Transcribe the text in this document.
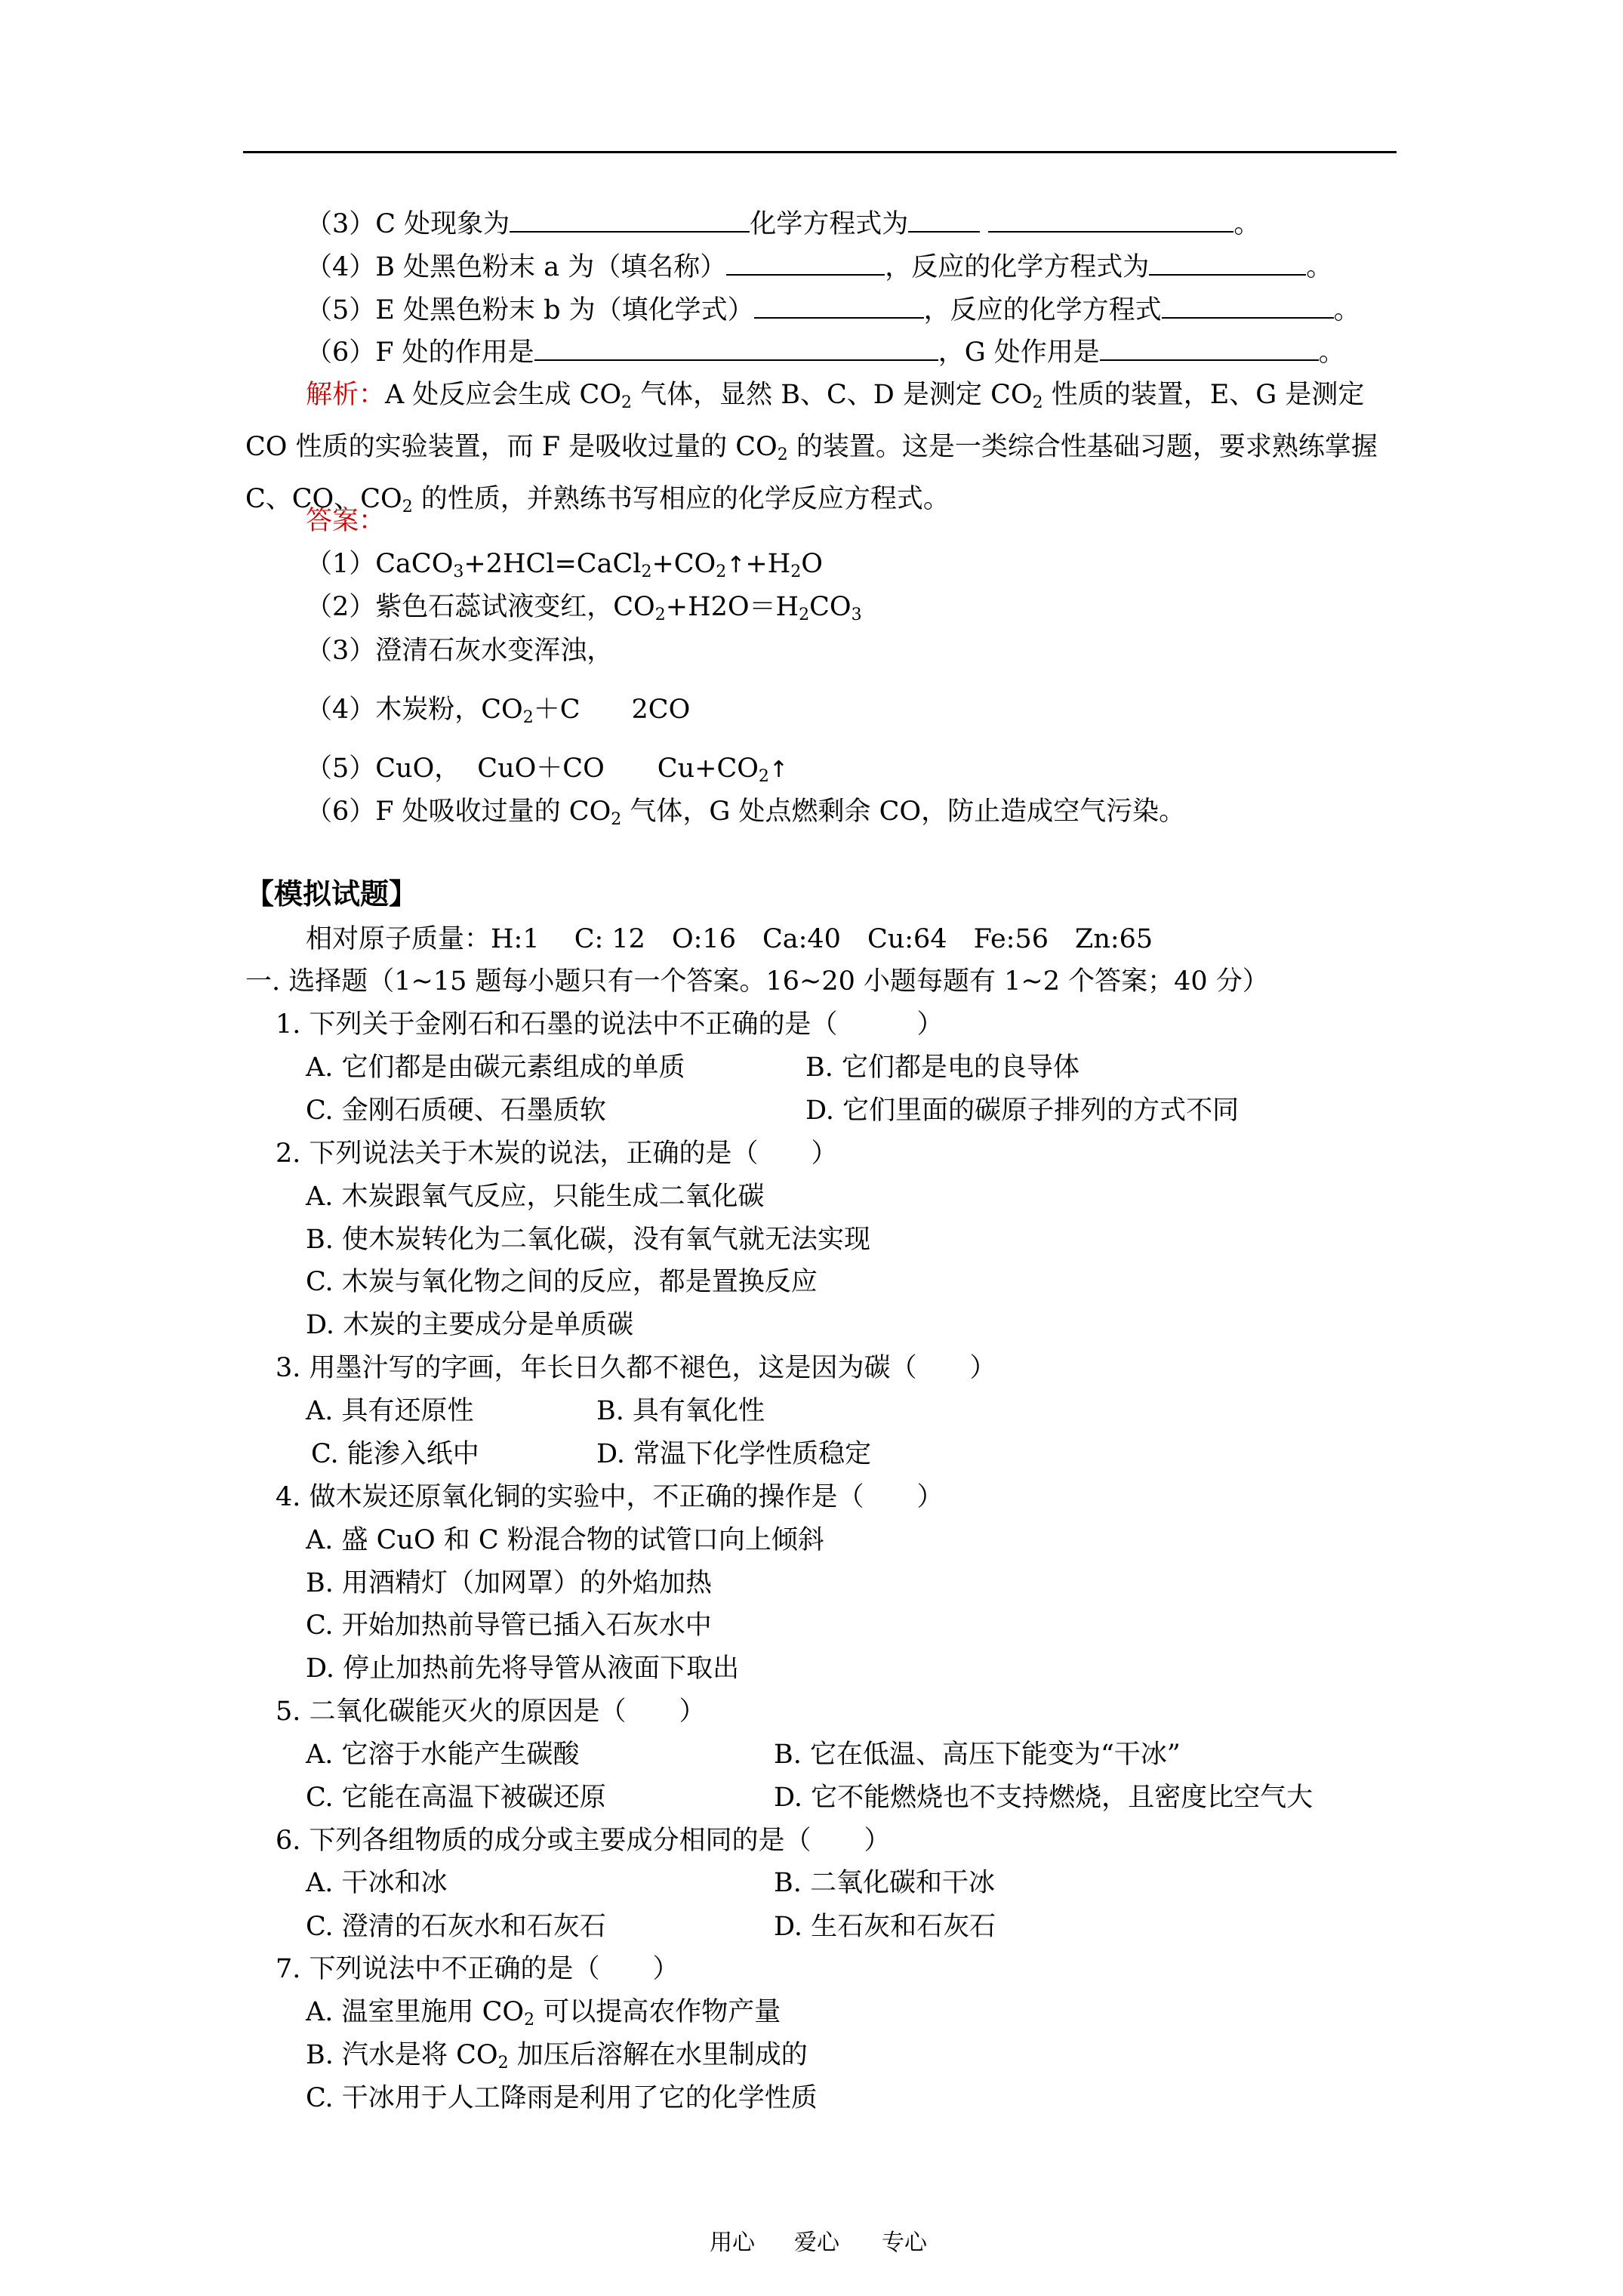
（3）C 处现象为	化学方程式为	。
（4）B 处黑色粉末 a 为（填名称）	，反应的化学方程式为	。
（5）E 处黑色粉末 b 为（填化学式）	，反应的化学方程式	。
（6）F 处的作用是	，G 处作用是	。
解析：A 处反应会生成 $CO_2$ 气体，显然 B、C、D 是测定 $CO_2$ 性质的装置，E、G 是测定 CO 性质的实验装置，而 F 是吸收过量的 $CO_2$ 的装置。这是一类综合性基础习题，要求熟练掌握 C、CO、$CO_2$ 的性质，并熟练书写相应的化学反应方程式。
答案：
$(1)CaCO_3+2HCl=CaCl_2+CO_2↑+H_2O$
（2）紫色石蕊试液变红，$CO_2+H2O=H_2CO_3$
（3）澄清石灰水变浑浊，
（4）木炭粉，$CO_2+C$ 2CO
（5）CuO， CuO＋CO $Cu+CO_2↑$
（6）F 处吸收过量的 $CO_2$ 气体，G 处点燃剩余 CO，防止造成空气污染。
【模拟试题】
相对原子质量：H:1　 C: 12　O:16　Ca:40　Cu:64　Fe:56　Zn:65
一. 选择题（1~15 题每小题只有一个答案。16~20 小题每题有 1~2 个答案；40 分）
1. 下列关于金刚石和石墨的说法中不正确的是（　　　）
A. 它们都是由碳元素组成的单质	B. 它们都是电的良导体
C. 金刚石质硬、石墨质软	D. 它们里面的碳原子排列的方式不同
2. 下列说法关于木炭的说法，正确的是（　　）
A. 木炭跟氧气反应，只能生成二氧化碳
B. 使木炭转化为二氧化碳，没有氧气就无法实现
C. 木炭与氧化物之间的反应，都是置换反应
D. 木炭的主要成分是单质碳
3. 用墨汁写的字画，年长日久都不褪色，这是因为碳（　　）
A. 具有还原性	B. 具有氧化性
C. 能渗入纸中	D. 常温下化学性质稳定
4. 做木炭还原氧化铜的实验中，不正确的操作是（　　）
A. 盛 CuO 和 C 粉混合物的试管口向上倾斜
B. 用酒精灯（加网罩）的外焰加热
C. 开始加热前导管已插入石灰水中
D. 停止加热前先将导管从液面下取出
5. 二氧化碳能灭火的原因是（　　）
A. 它溶于水能产生碳酸	B. 它在低温、高压下能变为“干冰”
C. 它能在高温下被碳还原	D. 它不能燃烧也不支持燃烧，且密度比空气大
6. 下列各组物质的成分或主要成分相同的是（　　）
A. 干冰和冰	B. 二氧化碳和干冰
C. 澄清的石灰水和石灰石	D. 生石灰和石灰石
7. 下列说法中不正确的是（　　）
A. 温室里施用 $CO_2$ 可以提高农作物产量
B. 汽水是将 $CO_2$ 加压后溶解在水里制成的
C. 干冰用于人工降雨是利用了它的化学性质
用心 爱心 专心
